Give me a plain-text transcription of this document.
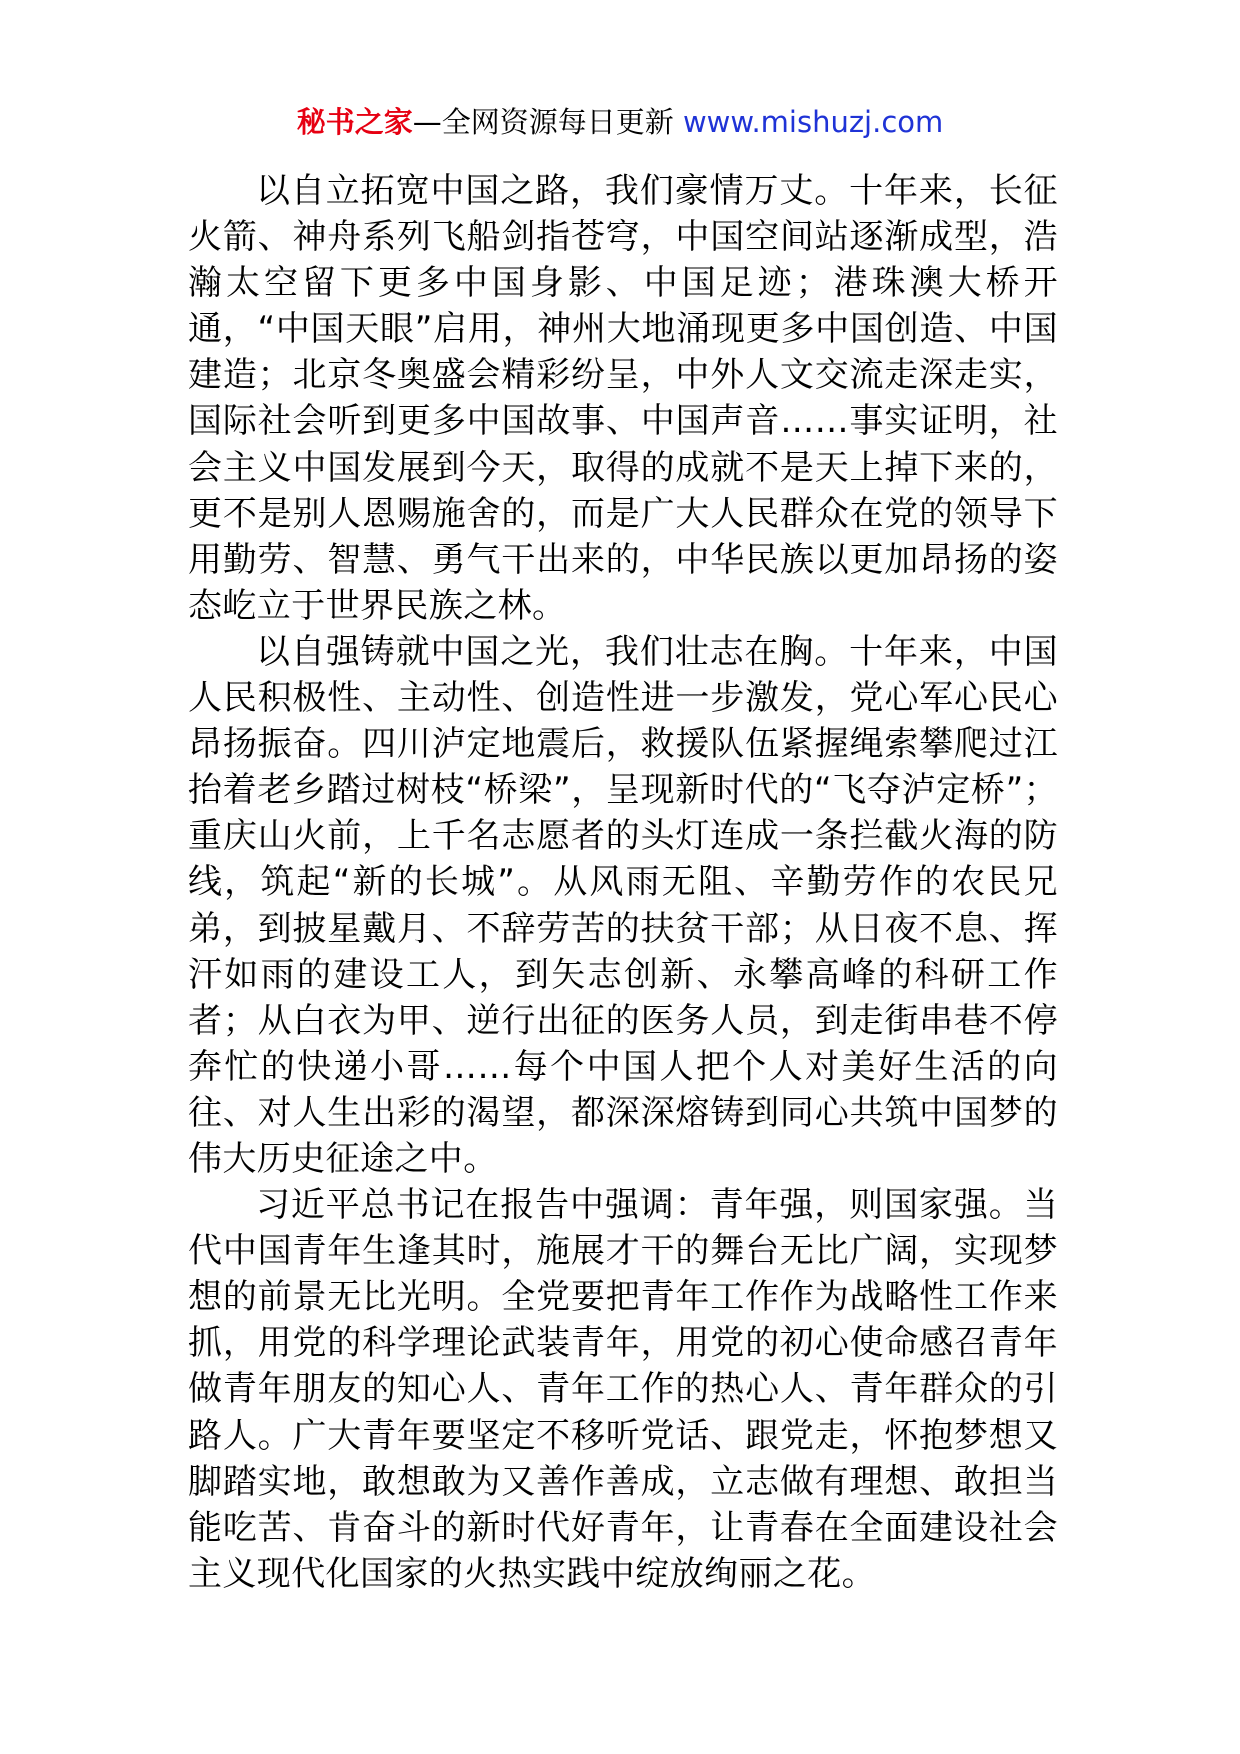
秘书之家—全网资源每日更新 www.mishuzj.com

以自立拓宽中国之路，我们豪情万丈。十年来，长征火箭、神舟系列飞船剑指苍穹，中国空间站逐渐成型，浩瀚太空留下更多中国身影、中国足迹；港珠澳大桥开通，“中国天眼”启用，神州大地涌现更多中国创造、中国建造；北京冬奥盛会精彩纷呈，中外人文交流走深走实，国际社会听到更多中国故事、中国声音……事实证明，社会主义中国发展到今天，取得的成就不是天上掉下来的，更不是别人恩赐施舍的，而是广大人民群众在党的领导下用勤劳、智慧、勇气干出来的，中华民族以更加昂扬的姿态屹立于世界民族之林。

以自强铸就中国之光，我们壮志在胸。十年来，中国人民积极性、主动性、创造性进一步激发，党心军心民心昂扬振奋。四川泸定地震后，救援队伍紧握绳索攀爬过江抬着老乡踏过树枝“桥梁”，呈现新时代的“飞夺泸定桥”；重庆山火前，上千名志愿者的头灯连成一条拦截火海的防线，筑起“新的长城”。从风雨无阻、辛勤劳作的农民兄弟，到披星戴月、不辞劳苦的扶贫干部；从日夜不息、挥汗如雨的建设工人，到矢志创新、永攀高峰的科研工作者；从白衣为甲、逆行出征的医务人员，到走街串巷不停奔忙的快递小哥……每个中国人把个人对美好生活的向往、对人生出彩的渴望，都深深熔铸到同心共筑中国梦的伟大历史征途之中。

习近平总书记在报告中强调：青年强，则国家强。当代中国青年生逢其时，施展才干的舞台无比广阔，实现梦想的前景无比光明。全党要把青年工作作为战略性工作来抓，用党的科学理论武装青年，用党的初心使命感召青年做青年朋友的知心人、青年工作的热心人、青年群众的引路人。广大青年要坚定不移听党话、跟党走，怀抱梦想又脚踏实地，敢想敢为又善作善成，立志做有理想、敢担当能吃苦、肯奋斗的新时代好青年，让青春在全面建设社会主义现代化国家的火热实践中绽放绚丽之花。
